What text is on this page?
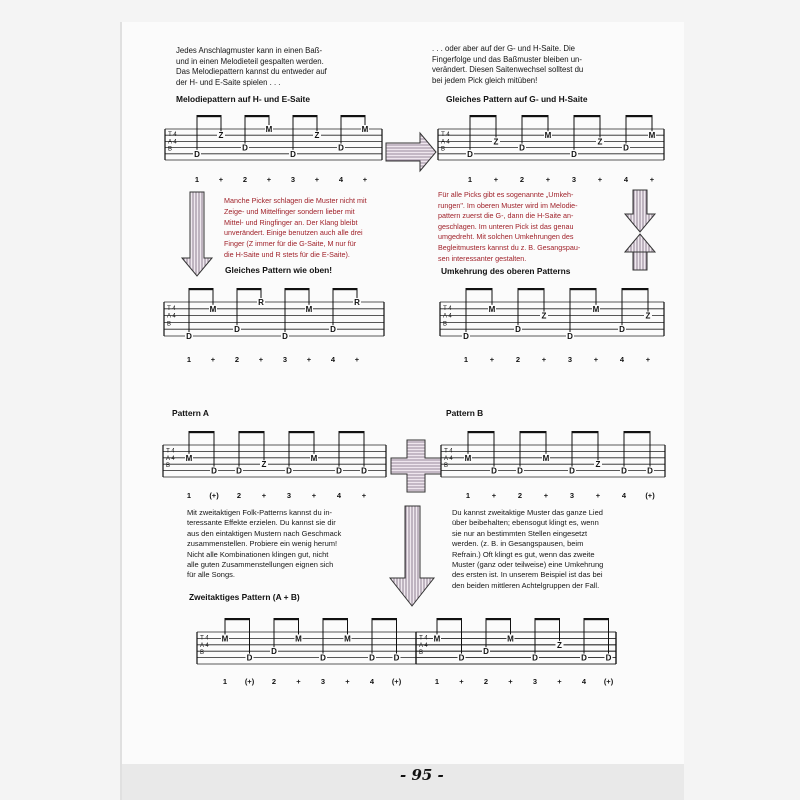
Jedes Anschlagmuster kann in einen Baß-
und in einen Melodieteil gespalten werden.
Das Melodiepattern kannst du entweder auf
der H- und E-Saite spielen . . .
. . . oder aber auf der G- und H-Saite. Die
Fingerfolge und das Baßmuster bleiben un-
verändert. Diesen Saitenwechsel solltest du
bei jedem Pick gleich mitüben!
Manche Picker schlagen die Muster nicht mit
Zeige- und Mittelfinger sondern lieber mit
Mittel- und Ringfinger an. Der Klang bleibt
unverändert. Einige benutzen auch alle drei
Finger (Z immer für die G-Saite, M nur für
die H-Saite und R stets für die E-Saite).
Für alle Picks gibt es sogenannte „Umkeh-
rungen". Im oberen Muster wird im Melodie-
pattern zuerst die G-, dann die H-Saite an-
geschlagen. Im unteren Pick ist das genau
umgedreht. Mit solchen Umkehrungen des
Begleitmusters kannst du z. B. Gesangspau-
sen interessanter gestalten.
Mit zweitaktigen Folk-Patterns kannst du in-
teressante Effekte erzielen. Du kannst sie dir
aus den eintaktigen Mustern nach Geschmack
zusammenstellen. Probiere ein wenig herum!
Nicht alle Kombinationen klingen gut, nicht
alle guten Zusammenstellungen eignen sich
für alle Songs.
Du kannst zweitaktige Muster das ganze Lied
über beibehalten; ebensogut klingt es, wenn
sie nur an bestimmten Stellen eingesetzt
werden. (z. B. in Gesangspausen, beim
Refrain.) Oft klingt es gut, wenn das zweite
Muster (ganz oder teilweise) eine Umkehrung
des ersten ist. In unserem Beispiel ist das bei
den beiden mittleren Achtelgruppen der Fall.
Melodiepattern auf H- und E-Saite	Gleiches Pattern auf G- und H-Saite
Gleiches Pattern wie oben!	Umkehrung des oberen Patterns
Pattern A	Pattern B
Zweitaktiges Pattern (A + B)
T 4
A 4
B
D
Z
D
M
D
Z
D
M
1	+	2	+	3	+	4	+
T 4
A 4
B
D
Z
D
M
D
Z
D
M
1	+	2	+	3	+	4	+
T 4
A 4
B
D
M
D
R
D
M
D
R
1	+	2	+	3	+	4	+
T 4
A 4
B
D
M
D
Z
D
M
D
Z
1	+	2	+	3	+	4	+
T 4
A 4
B
M
D D
Z
D
M
D D
1 (+) 2	+	3	+	4	+
T 4
A 4
B
M
D	D
M
D
Z
D	D
1	+	2	+	3	+	4	(+)
T 4
A 4
B
M
D
D
M
D
M
D D
T 4
A 4
B
M
D
D
M
D
Z
D D
1 (+) 2	+	3	+	4 (+)	1	+	2	+	3	+	4 (+)
- 95 -
